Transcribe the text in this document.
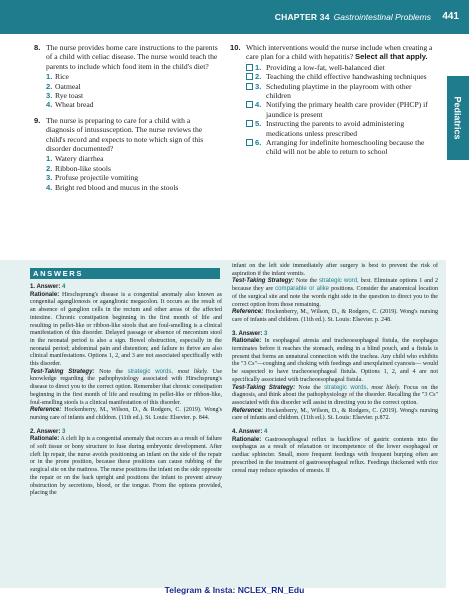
CHAPTER 34 Gastrointestinal Problems 441
Pediatrics
8. The nurse provides home care instructions to the parents of a child with celiac disease. The nurse would teach the parents to include which food item in the child's diet?
1. Rice
2. Oatmeal
3. Rye toast
4. Wheat bread
9. The nurse is preparing to care for a child with a diagnosis of intussusception. The nurse reviews the child's record and expects to note which sign of this disorder documented?
1. Watery diarrhea
2. Ribbon-like stools
3. Profuse projectile vomiting
4. Bright red blood and mucus in the stools
10. Which interventions would the nurse include when creating a care plan for a child with hepatitis? Select all that apply.
1. Providing a low-fat, well-balanced diet
2. Teaching the child effective handwashing techniques
3. Scheduling playtime in the playroom with other children
4. Notifying the primary health care provider (PHCP) if jaundice is present
5. Instructing the parents to avoid administering medications unless prescribed
6. Arranging for indefinite homeschooling because the child will not be able to return to school
ANSWERS

1. Answer: 4

Rationale: Hirschsprung's disease is a congenital anomaly also known as congenital aganglionosis or aganglionic megacolon. It occurs as the result of an absence of ganglion cells in the rectum and other areas of the affected intestine. Chronic constipation beginning in the first month of life and resulting in pellet-like or ribbon-like stools that are foul-smelling is a clinical manifestation of this disorder. Delayed passage or absence of meconium stool in the neonatal period is also a sign. Bowel obstruction, especially in the neonatal period; abdominal pain and distention; and failure to thrive are also clinical manifestations. Options 1, 2, and 3 are not associated specifically with this disorder.

Test-Taking Strategy: Note the strategic words, most likely. Use knowledge regarding the pathophysiology associated with Hirschsprung's disease to direct you to the correct option. Remember that chronic constipation beginning in the first month of life and resulting in pellet-like or ribbon-like, foul-smelling stools is a clinical manifestation of this disorder.

Reference: Hockenberry, M., Wilson, D., & Rodgers, C. (2019). Wong's nursing care of infants and children. (11th ed.). St. Louis: Elsevier. p. 844.

2. Answer: 3

Rationale: A cleft lip is a congenital anomaly that occurs as a result of failure of soft tissue or bony structure to fuse during embryonic development. After cleft lip repair, the nurse avoids positioning an infant on the side of the repair or in the prone position, because these positions can cause rubbing of the surgical site on the mattress. The nurse positions the infant on the side opposite the repair or on the back upright and positions the infant to prevent airway obstruction by secretions, blood, or the tongue. From the options provided, placing the

infant on the left side immediately after surgery is best to prevent the risk of aspiration if the infant vomits.

Test-Taking Strategy: Note the strategic word, best. Eliminate options 1 and 2 because they are comparable or alike positions. Consider the anatomical location of the surgical site and note the words right side in the question to direct you to the correct option from those remaining.

Reference: Hockenberry, M., Wilson, D., & Rodgers, C. (2019). Wong's nursing care of infants and children. (11th ed.). St. Louis: Elsevier. p. 248.

3. Answer: 3

Rationale: In esophageal atresia and tracheoesophageal fistula, the esophagus terminates before it reaches the stomach, ending in a blind pouch, and a fistula is present that forms an unnatural connection with the trachea. Any child who exhibits the "3 Cs"—coughing and choking with feedings and unexplained cyanosis— would be suspected to have tracheoesophageal fistula. Options 1, 2, and 4 are not specifically associated with tracheoesophageal fistula.

Test-Taking Strategy: Note the strategic words, most likely. Focus on the diagnosis, and think about the pathophysiology of the disorder. Recalling the "3 Cs" associated with this disorder will assist in directing you to the correct option.

Reference: Hockenberry, M., Wilson, D., & Rodgers, C. (2019). Wong's nursing care of infants and children. (11th ed.). St. Louis: Elsevier. p.872.

4. Answer: 4

Rationale: Gastroesophageal reflux is backflow of gastric contents into the esophagus as a result of relaxation or incompetence of the lower esophageal or cardiac sphincter. Small, more frequent feedings with frequent burping often are prescribed in the treatment of gastroesophageal reflux. Feedings thickened with rice cereal may reduce episodes of emesis. If

Telegram & Insta: NCLEX_RN_Edu
